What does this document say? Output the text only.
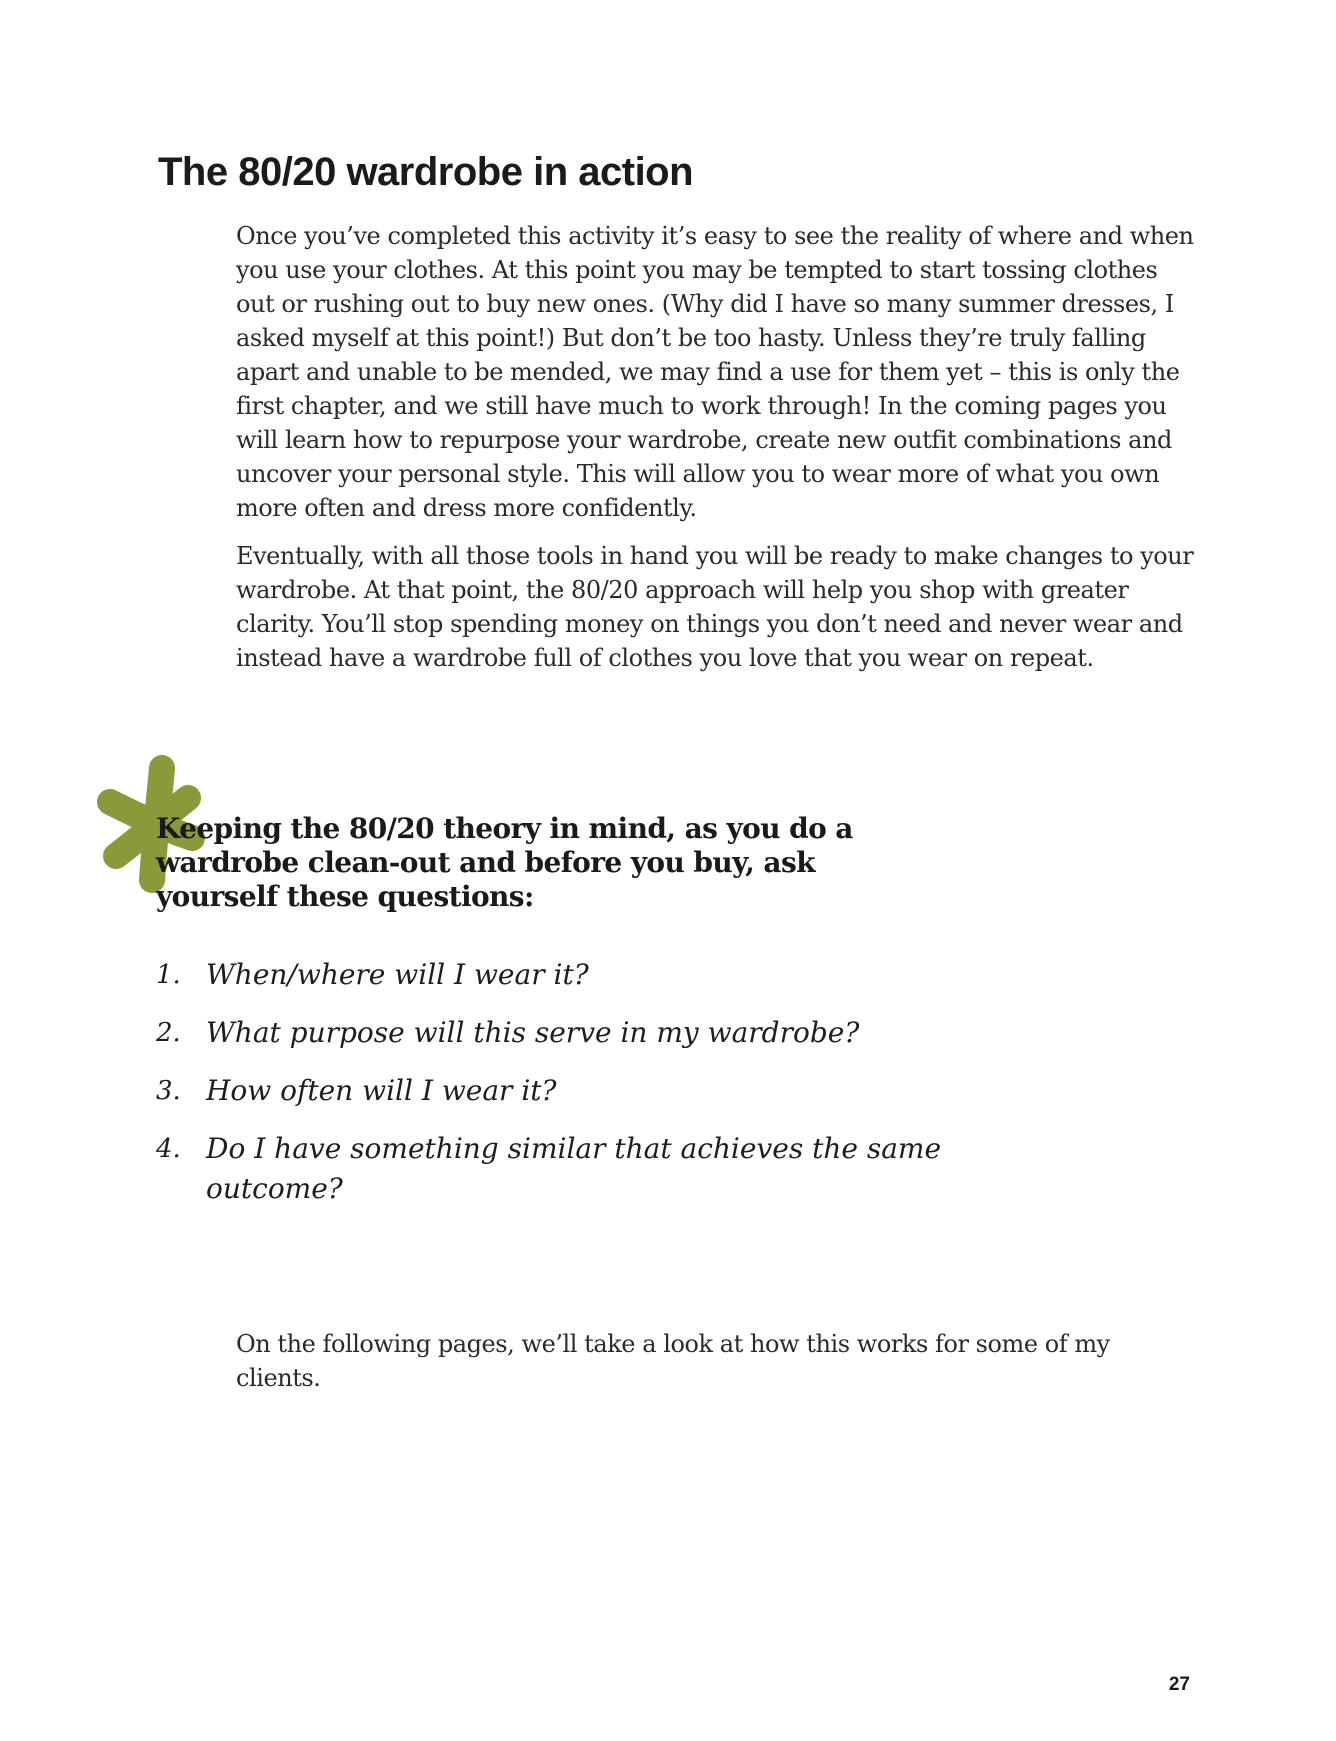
The 80/20 wardrobe in action

Once you’ve completed this activity it’s easy to see the reality of where and when you use your clothes. At this point you may be tempted to start tossing clothes out or rushing out to buy new ones. (Why did I have so many summer dresses, I asked myself at this point!) But don’t be too hasty. Unless they’re truly falling apart and unable to be mended, we may find a use for them yet – this is only the first chapter, and we still have much to work through! In the coming pages you will learn how to repurpose your wardrobe, create new outfit combinations and uncover your personal style. This will allow you to wear more of what you own more often and dress more confidently.

Eventually, with all those tools in hand you will be ready to make changes to your wardrobe. At that point, the 80/20 approach will help you shop with greater clarity. You’ll stop spending money on things you don’t need and never wear and instead have a wardrobe full of clothes you love that you wear on repeat.

Keeping the 80/20 theory in mind, as you do a wardrobe clean-out and before you buy, ask yourself these questions:

1. When/where will I wear it?
2. What purpose will this serve in my wardrobe?
3. How often will I wear it?
4. Do I have something similar that achieves the same outcome?

On the following pages, we’ll take a look at how this works for some of my clients.

27
